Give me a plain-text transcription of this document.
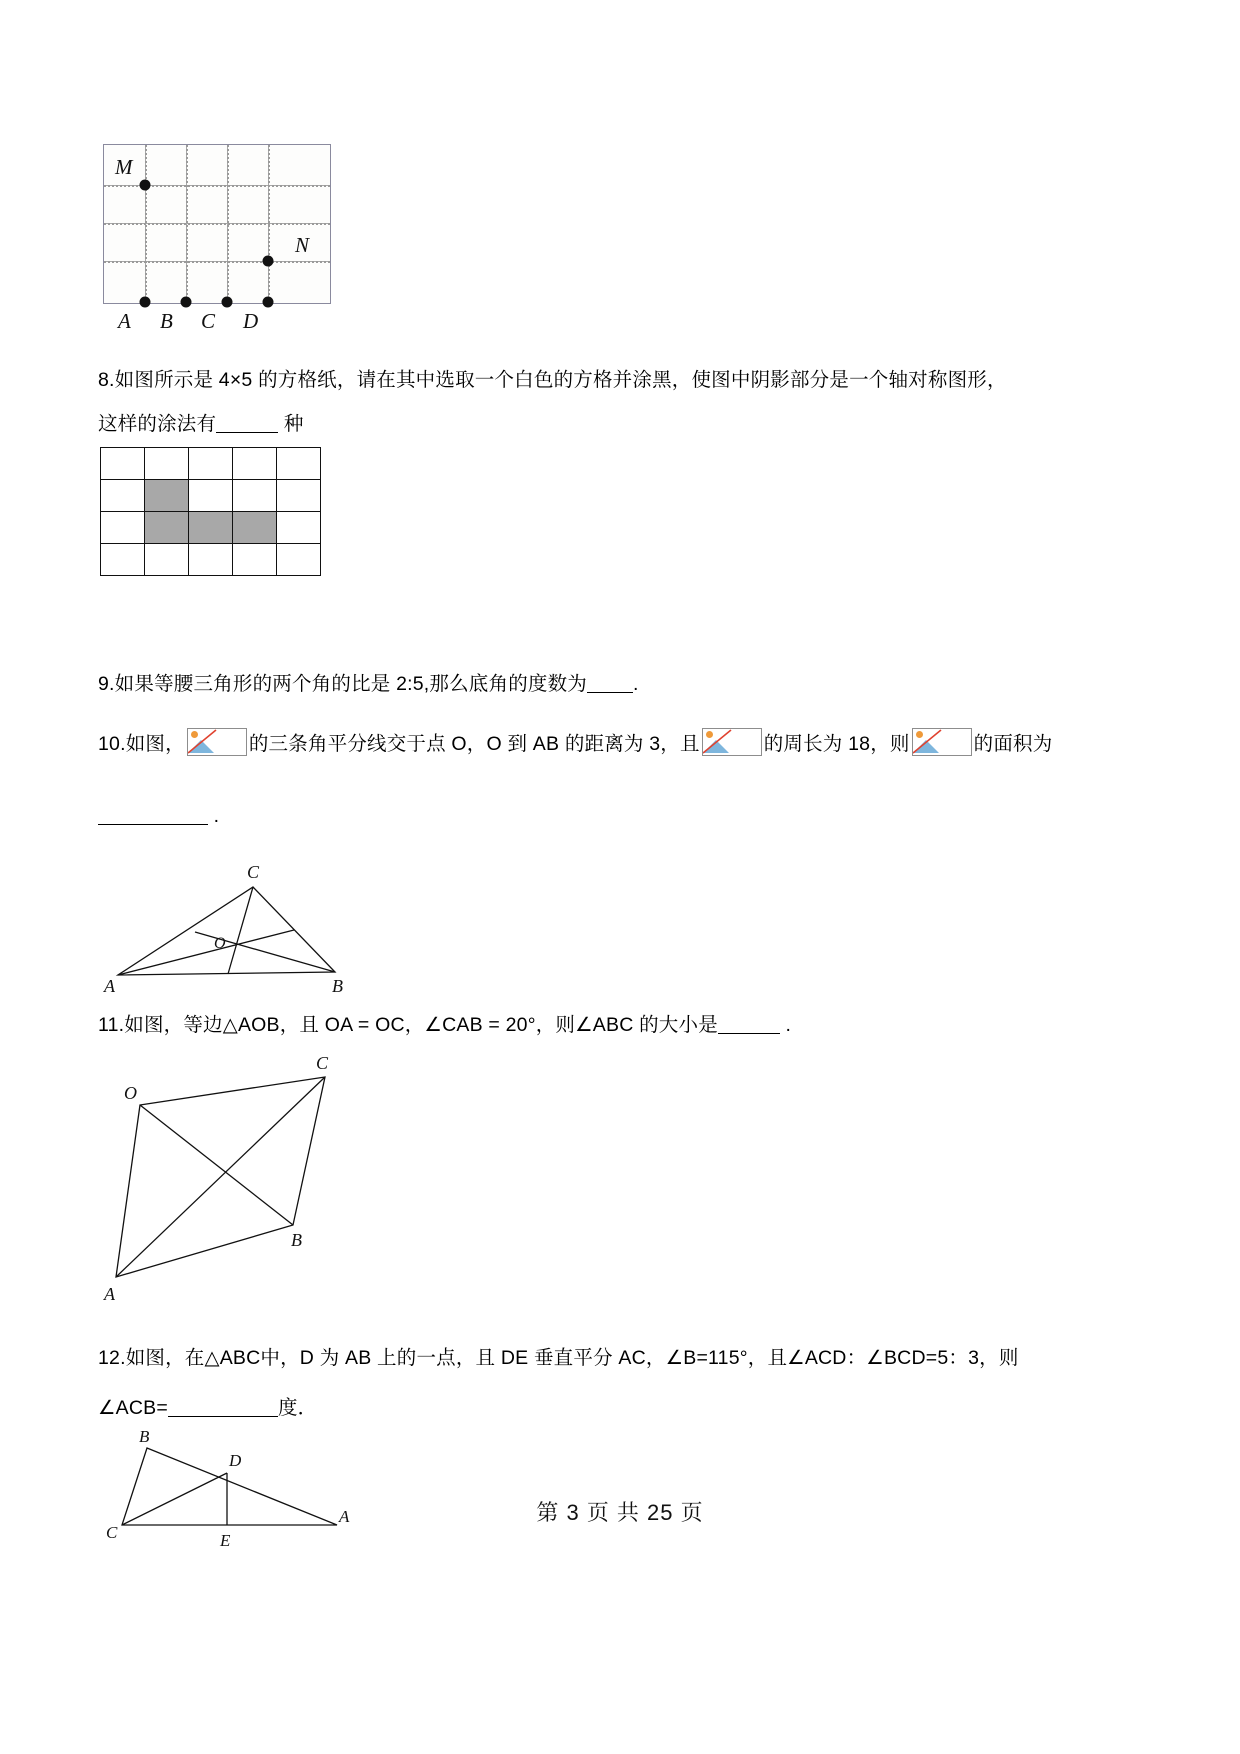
M
N
A B C D
8.如图所示是 4×5 的方格纸，请在其中选取一个白色的方格并涂黑，使图中阴影部分是一个轴对称图形，
这样的涂法有	种

9.如果等腰三角形的两个角的比是 2:5,那么底角的度数为 .
10.如图，	的三条角平分线交于点 O，O 到 AB 的距离为 3，且	的周长为 18，则	的面积为
.
C
A	B
O
11.如图，等边△AOB，且 OA = OC，∠CAB = 20°，则∠ABC 的大小是	.
C
O
B
A
12.如图，在△ABC中，D 为 AB 上的一点，且 DE 垂直平分 AC，∠B=115°，且∠ACD：∠BCD=5：3，则
∠ACB=	度．
B
D
C
A
E
第 3 页 共 25 页
